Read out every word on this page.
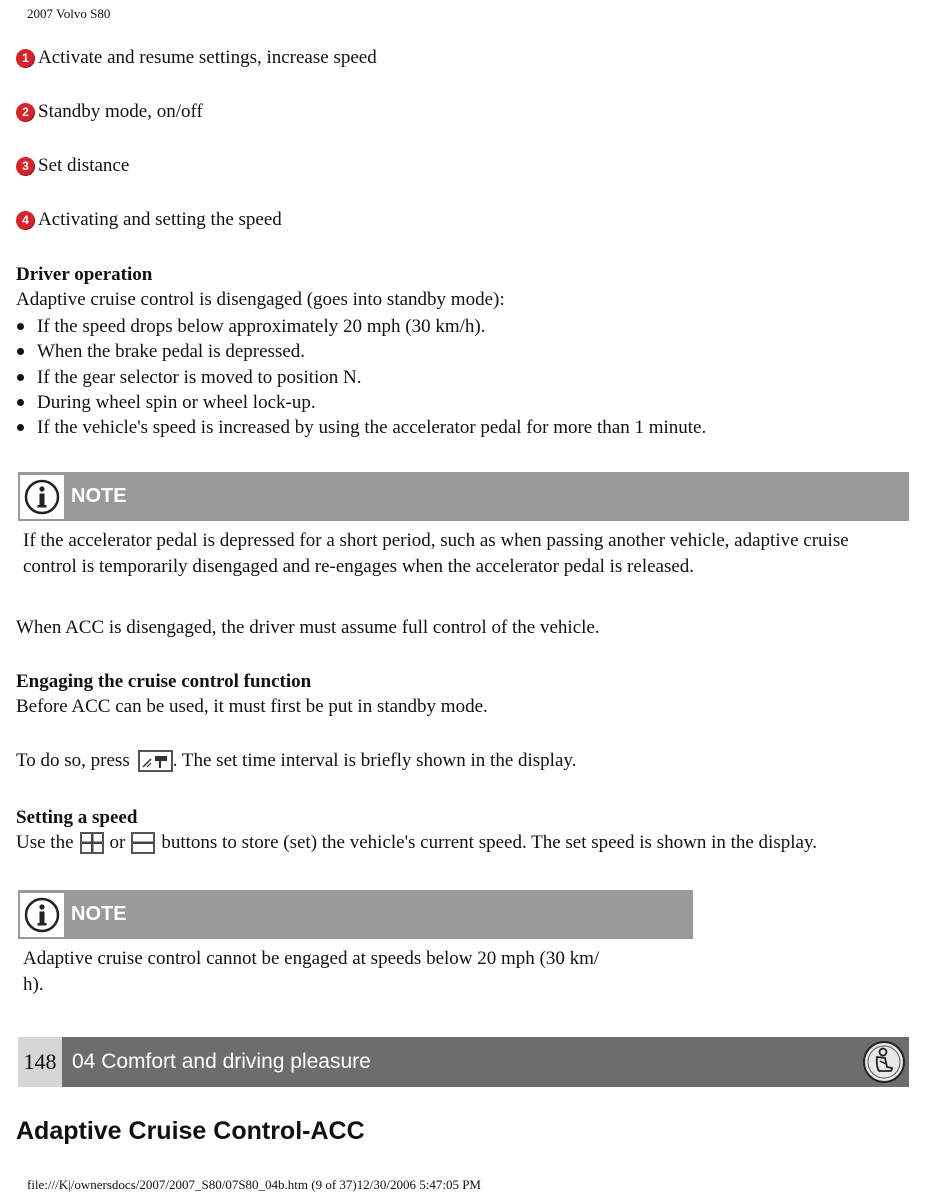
2007 Volvo S80
1 Activate and resume settings, increase speed
2 Standby mode, on/off
3 Set distance
4 Activating and setting the speed
Driver operation
Adaptive cruise control is disengaged (goes into standby mode):
If the speed drops below approximately 20 mph (30 km/h).
When the brake pedal is depressed.
If the gear selector is moved to position N.
During wheel spin or wheel lock-up.
If the vehicle's speed is increased by using the accelerator pedal for more than 1 minute.
NOTE
If the accelerator pedal is depressed for a short period, such as when passing another vehicle, adaptive cruise control is temporarily disengaged and re-engages when the accelerator pedal is released.
When ACC is disengaged, the driver must assume full control of the vehicle.
Engaging the cruise control function
Before ACC can be used, it must first be put in standby mode.
To do so, press . The set time interval is briefly shown in the display.
Setting a speed
Use the or buttons to store (set) the vehicle's current speed. The set speed is shown in the display.
NOTE
Adaptive cruise control cannot be engaged at speeds below 20 mph (30 km/
h).
148 04 Comfort and driving pleasure
Adaptive Cruise Control-ACC
file:///K|/ownersdocs/2007/2007_S80/07S80_04b.htm (9 of 37)12/30/2006 5:47:05 PM
